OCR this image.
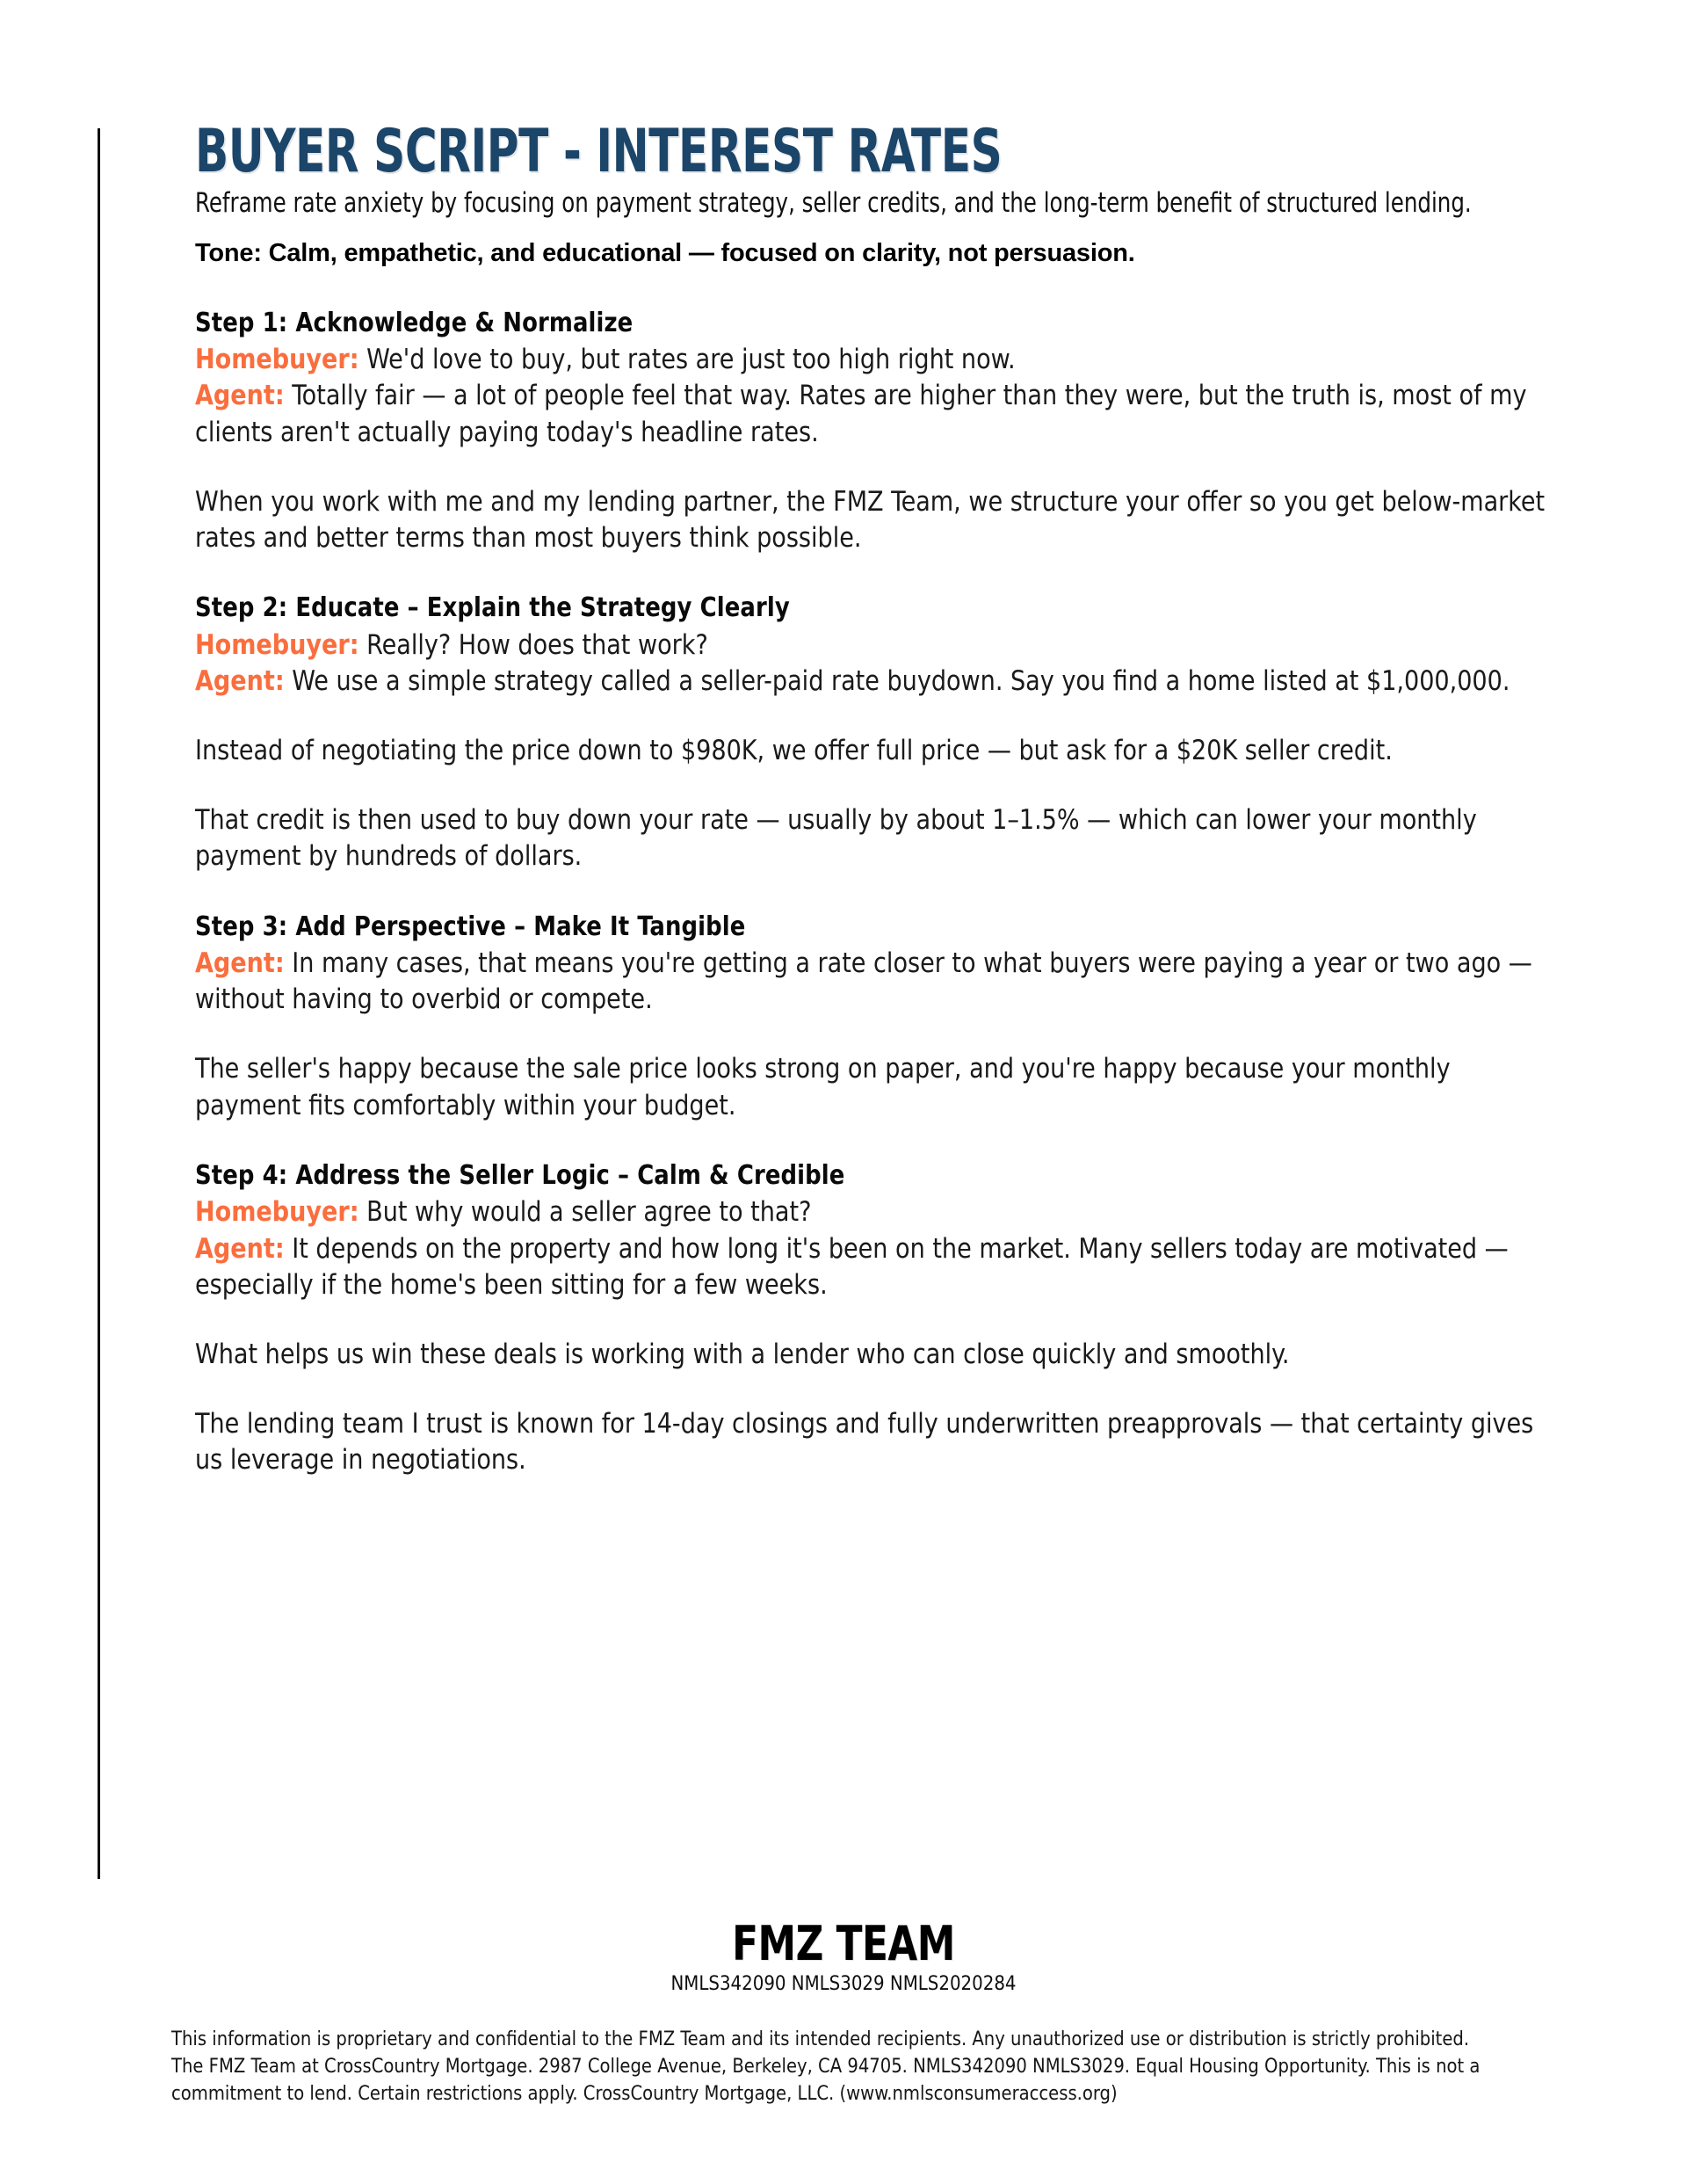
BUYER SCRIPT - INTEREST RATES

Reframe rate anxiety by focusing on payment strategy, seller credits, and the long-term benefit of structured lending.

Tone: Calm, empathetic, and educational — focused on clarity, not persuasion.

Step 1: Acknowledge & Normalize

Homebuyer: We'd love to buy, but rates are just too high right now.

Agent: Totally fair — a lot of people feel that way. Rates are higher than they were, but the truth is, most of my clients aren't actually paying today's headline rates.

When you work with me and my lending partner, the FMZ Team, we structure your offer so you get below-market rates and better terms than most buyers think possible.

Step 2: Educate – Explain the Strategy Clearly

Homebuyer: Really? How does that work?

Agent: We use a simple strategy called a seller-paid rate buydown. Say you find a home listed at $1,000,000.

Instead of negotiating the price down to $980K, we offer full price — but ask for a $20K seller credit.

That credit is then used to buy down your rate — usually by about 1–1.5% — which can lower your monthly payment by hundreds of dollars.

Step 3: Add Perspective – Make It Tangible

Agent: In many cases, that means you're getting a rate closer to what buyers were paying a year or two ago — without having to overbid or compete.

The seller's happy because the sale price looks strong on paper, and you're happy because your monthly payment fits comfortably within your budget.

Step 4: Address the Seller Logic – Calm & Credible

Homebuyer: But why would a seller agree to that?

Agent: It depends on the property and how long it's been on the market. Many sellers today are motivated — especially if the home's been sitting for a few weeks.

What helps us win these deals is working with a lender who can close quickly and smoothly.

The lending team I trust is known for 14-day closings and fully underwritten preapprovals — that certainty gives us leverage in negotiations.

FMZ TEAM
NMLS342090 NMLS3029 NMLS2020284
This information is proprietary and confidential to the FMZ Team and its intended recipients. Any unauthorized use or distribution is strictly prohibited. The FMZ Team at CrossCountry Mortgage. 2987 College Avenue, Berkeley, CA 94705. NMLS342090 NMLS3029. Equal Housing Opportunity. This is not a commitment to lend. Certain restrictions apply. CrossCountry Mortgage, LLC. (www.nmlsconsumeraccess.org)
